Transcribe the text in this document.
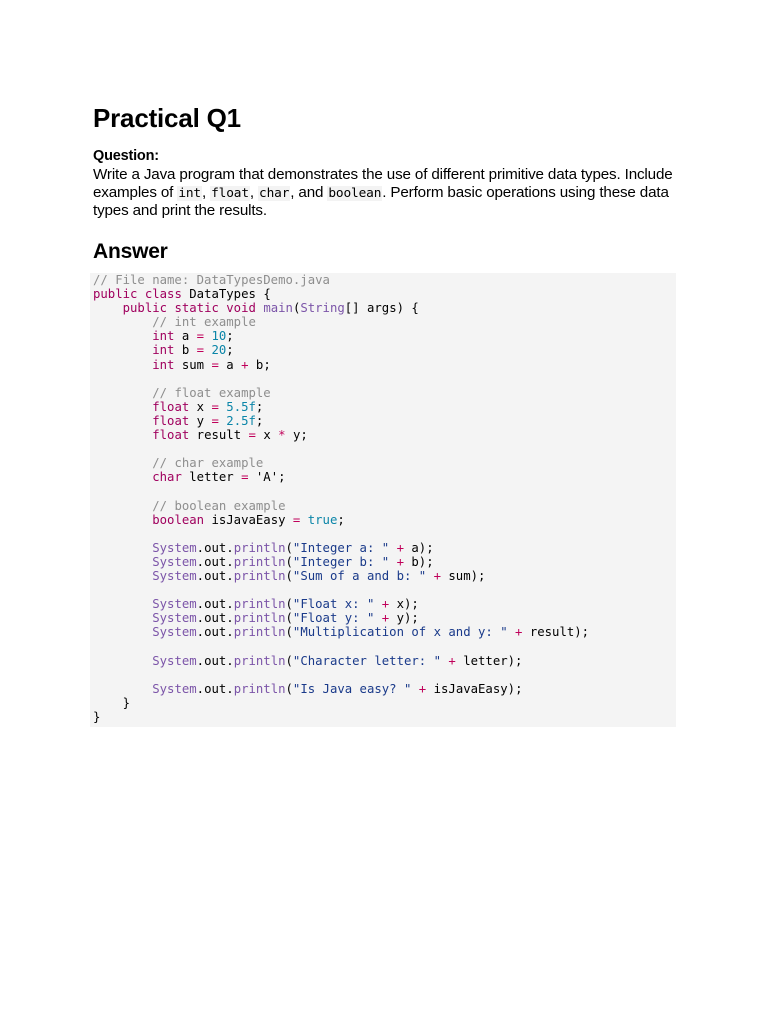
Practical Q1
Question:

Write a Java program that demonstrates the use of different primitive data types. Include examples of int, float, char, and boolean. Perform basic operations using these data types and print the results.

Answer
// File name: DataTypesDemo.java
public class DataTypes {
public static void main(String[] args) {
// int example
int a = 10;
int b = 20;
int sum = a + b;

// float example
float x = 5.5f;
float y = 2.5f;
float result = x * y;

// char example
char letter = 'A';

// boolean example
boolean isJavaEasy = true;

System.out.println("Integer a: " + a);
System.out.println("Integer b: " + b);
System.out.println("Sum of a and b: " + sum);

System.out.println("Float x: " + x);
System.out.println("Float y: " + y);
System.out.println("Multiplication of x and y: " + result);

System.out.println("Character letter: " + letter);

System.out.println("Is Java easy? " + isJavaEasy);
}
}
